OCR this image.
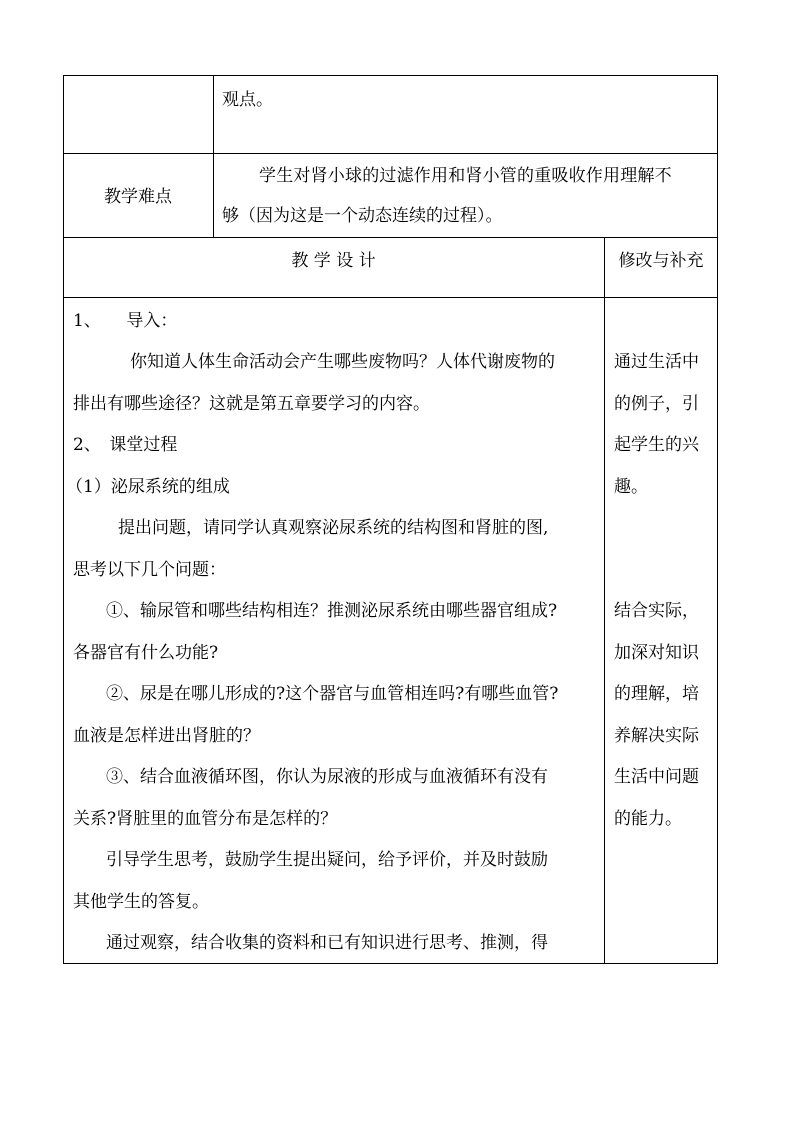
观点。
教学难点
学生对肾小球的过滤作用和肾小管的重吸收作用理解不
够（因为这是一个动态连续的过程）。
教 学 设 计	修改与补充
1、　　导入：
你知道人体生命活动会产生哪些废物吗？人体代谢废物的
排出有哪些途径？这就是第五章要学习的内容。
2、　课堂过程
（1）泌尿系统的组成
提出问题，请同学认真观察泌尿系统的结构图和肾脏的图,
思考以下几个问题：
①、输尿管和哪些结构相连？推测泌尿系统由哪些器官组成?
各器官有什么功能?
②、尿是在哪儿形成的?这个器官与血管相连吗?有哪些血管?
血液是怎样进出肾脏的？
③、结合血液循环图，你认为尿液的形成与血液循环有没有
关系?肾脏里的血管分布是怎样的？
引导学生思考，鼓励学生提出疑问，给予评价，并及时鼓励
其他学生的答复。
通过观察，结合收集的资料和已有知识进行思考、推测，得
通过生活中
的例子，引
起学生的兴
趣。
结合实际，
加深对知识
的理解，培
养解决实际
生活中问题
的能力。
